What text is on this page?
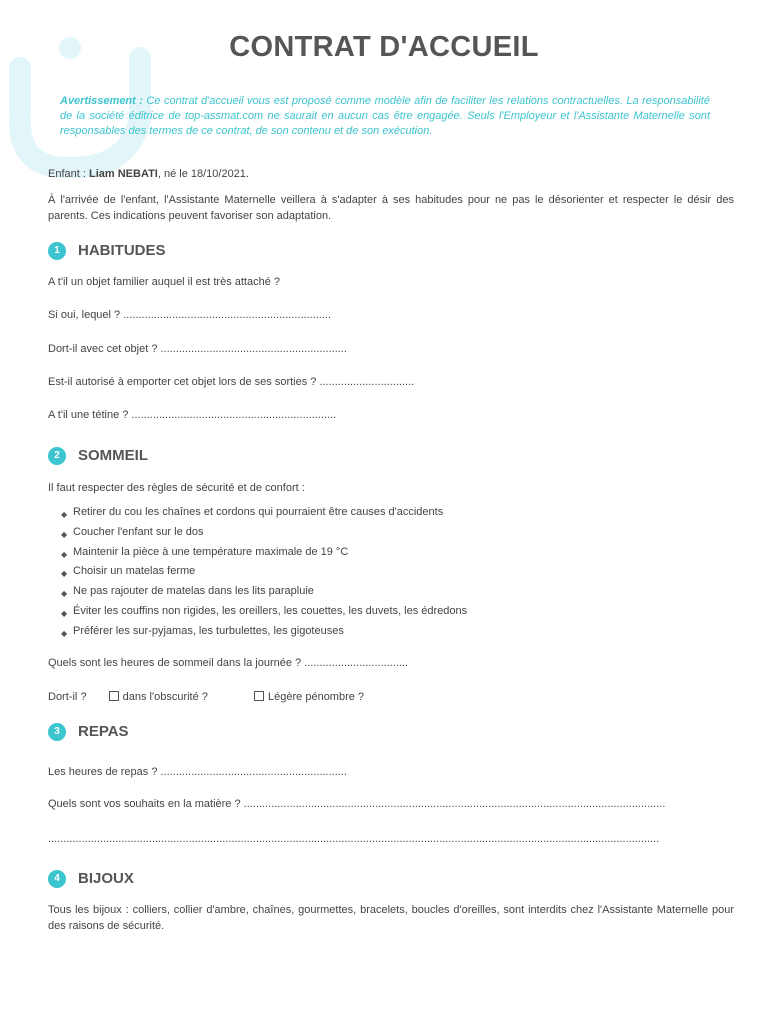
CONTRAT D'ACCUEIL
Avertissement : Ce contrat d'accueil vous est proposé comme modèle afin de faciliter les relations contractuelles. La responsabilité de la société éditrice de top-assmat.com ne saurait en aucun cas être engagée. Seuls l'Employeur et l'Assistante Maternelle sont responsables des termes de ce contrat, de son contenu et de son exécution.
Enfant : Liam NEBATI, né le 18/10/2021.
À l'arrivée de l'enfant, l'Assistante Maternelle veillera à s'adapter à ses habitudes pour ne pas le désorienter et respecter le désir des parents. Ces indications peuvent favoriser son adaptation.
1	HABITUDES
A t'il un objet familier auquel il est très attaché ?
Si oui, lequel ? ....................................................................
Dort-il avec cet objet ? .............................................................
Est-il autorisé à emporter cet objet lors de ses sorties ? ...............................
A t'il une tétine ? ...................................................................
2	SOMMEIL
Il faut respecter des règles de sécurité et de confort :
◆ Retirer du cou les chaînes et cordons qui pourraient être causes d'accidents
◆ Coucher l'enfant sur le dos
◆ Maintenir la pièce à une température maximale de 19 °C
◆ Choisir un matelas ferme
◆ Ne pas rajouter de matelas dans les lits parapluie
◆ Éviter les couffins non rigides, les oreillers, les couettes, les duvets, les édredons
◆ Préférer les sur-pyjamas, les turbulettes, les gigoteuses
Quels sont les heures de sommeil dans la journée ? ..................................
Dort-il ?	dans l'obscurité ?	Légère pénombre ?
3	REPAS
Les heures de repas ? .............................................................
Quels sont vos souhaits en la matière ? ..........................................................................................................................................
........................................................................................................................................................................................................
4	BIJOUX
Tous les bijoux : colliers, collier d'ambre, chaînes, gourmettes, bracelets, boucles d'oreilles, sont interdits chez l'Assistante Maternelle pour des raisons de sécurité.
